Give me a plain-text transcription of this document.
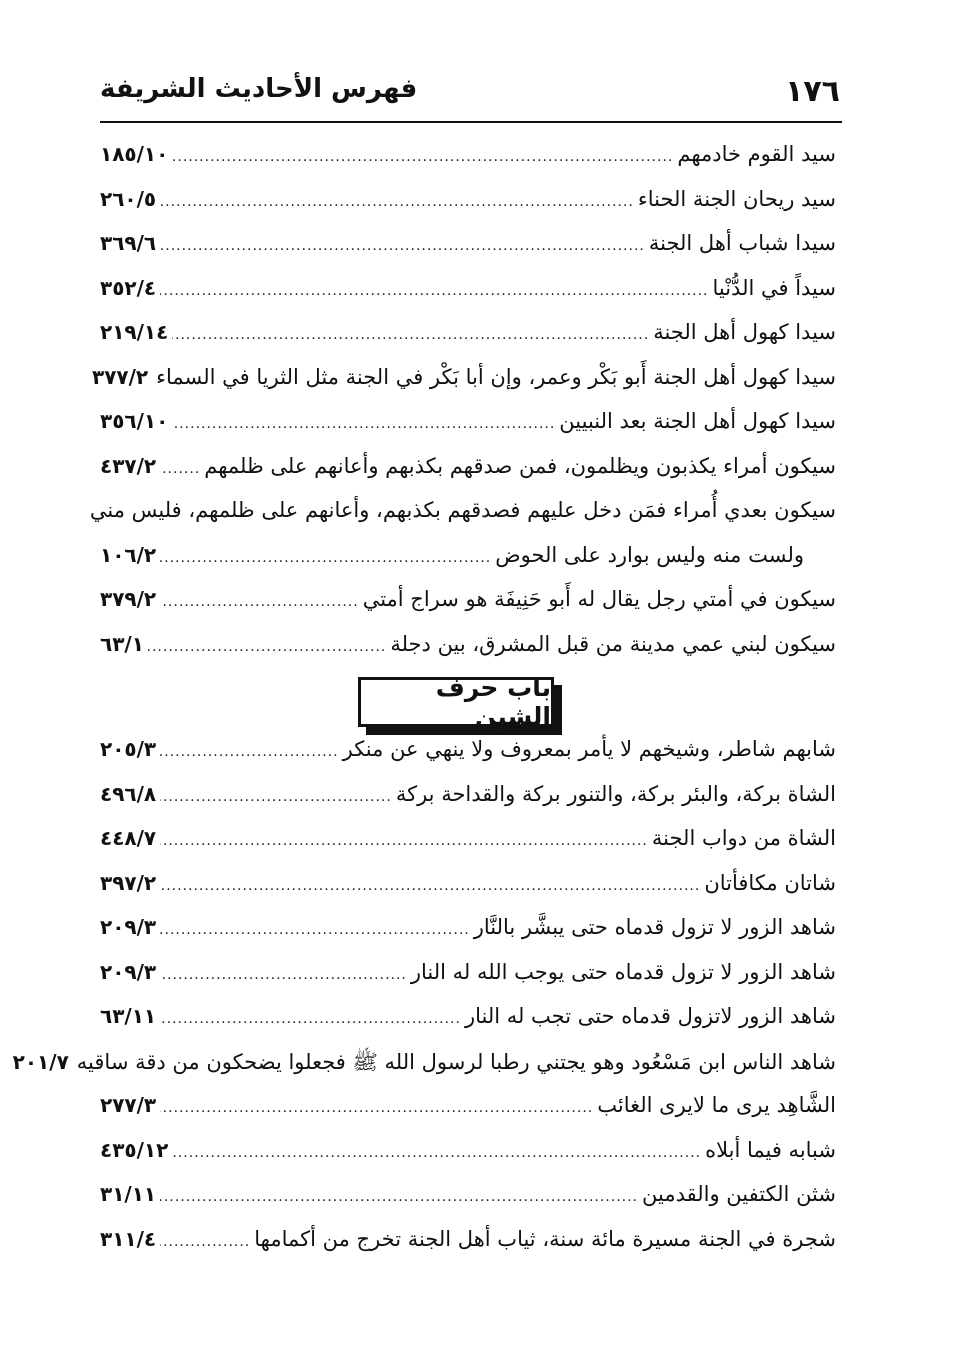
١٧٦
فهرس الأحاديث الشريفة
سيد القوم خادمهم
.....
١٨٥/١٠
سيد ريحان الجنة الحناء
.....
٢٦٠/٥
سيدا شباب أهل الجنة
.....
٣٦٩/٦
سيداً في الدُّنْيا
.....
٣٥٢/٤
سيدا كهول أهل الجنة
.....
٢١٩/١٤
سيدا كهول أهل الجنة أَبو بَكْر وعمر، وإن أبا بَكْر في الجنة مثل الثريا في السماء
٣٧٧/٢
سيدا كهول أهل الجنة بعد النبيين
.....
٣٥٦/١٠
سيكون أمراء يكذبون ويظلمون، فمن صدقهم بكذبهم وأعانهم على ظلمهم
.....
٤٣٧/٢
سيكون بعدي أُمراء فمَن دخل عليهم فصدقهم بكذبهم، وأعانهم على ظلمهم، فليس مني
ولست منه وليس بوارد على الحوض
.....
١٠٦/٢
سيكون في أمتي رجل يقال له أَبو حَنِيفَة هو سراج أمتي
.....
٣٧٩/٢
سيكون لبني عمي مدينة من قبل المشرق، بين دجلة
.....
٦٣/١
باب حرف الشين
شابهم شاطر، وشيخهم لا يأمر بمعروف ولا ينهي عن منكر
.....
٢٠٥/٣
الشاة بركة، والبئر بركة، والتنور بركة والقداحة بركة
.....
٤٩٦/٨
الشاة من دواب الجنة
.....
٤٤٨/٧
شاتان مكافأتان
.....
٣٩٧/٢
شاهد الزور لا تزول قدماه حتى يبشَّر بالنَّار
.....
٢٠٩/٣
شاهد الزور لا تزول قدماه حتى يوجب الله له النار
.....
٢٠٩/٣
شاهد الزور لاتزول قدماه حتى تجب له النار
.....
٦٣/١١
شاهد الناس ابن مَسْعُود وهو يجتني رطبا لرسول الله ﷺ فجعلوا يضحكون من دقة ساقيه
٢٠١/٧
الشَّاهِد يرى ما لايرى الغائب
.....
٢٧٧/٣
شبابه فيما أبلاه
.....
٤٣٥/١٢
شثن الكتفين والقدمين
.....
٣١/١١
شجرة في الجنة مسيرة مائة سنة، ثياب أهل الجنة تخرج من أكمامها
.....
٣١١/٤
